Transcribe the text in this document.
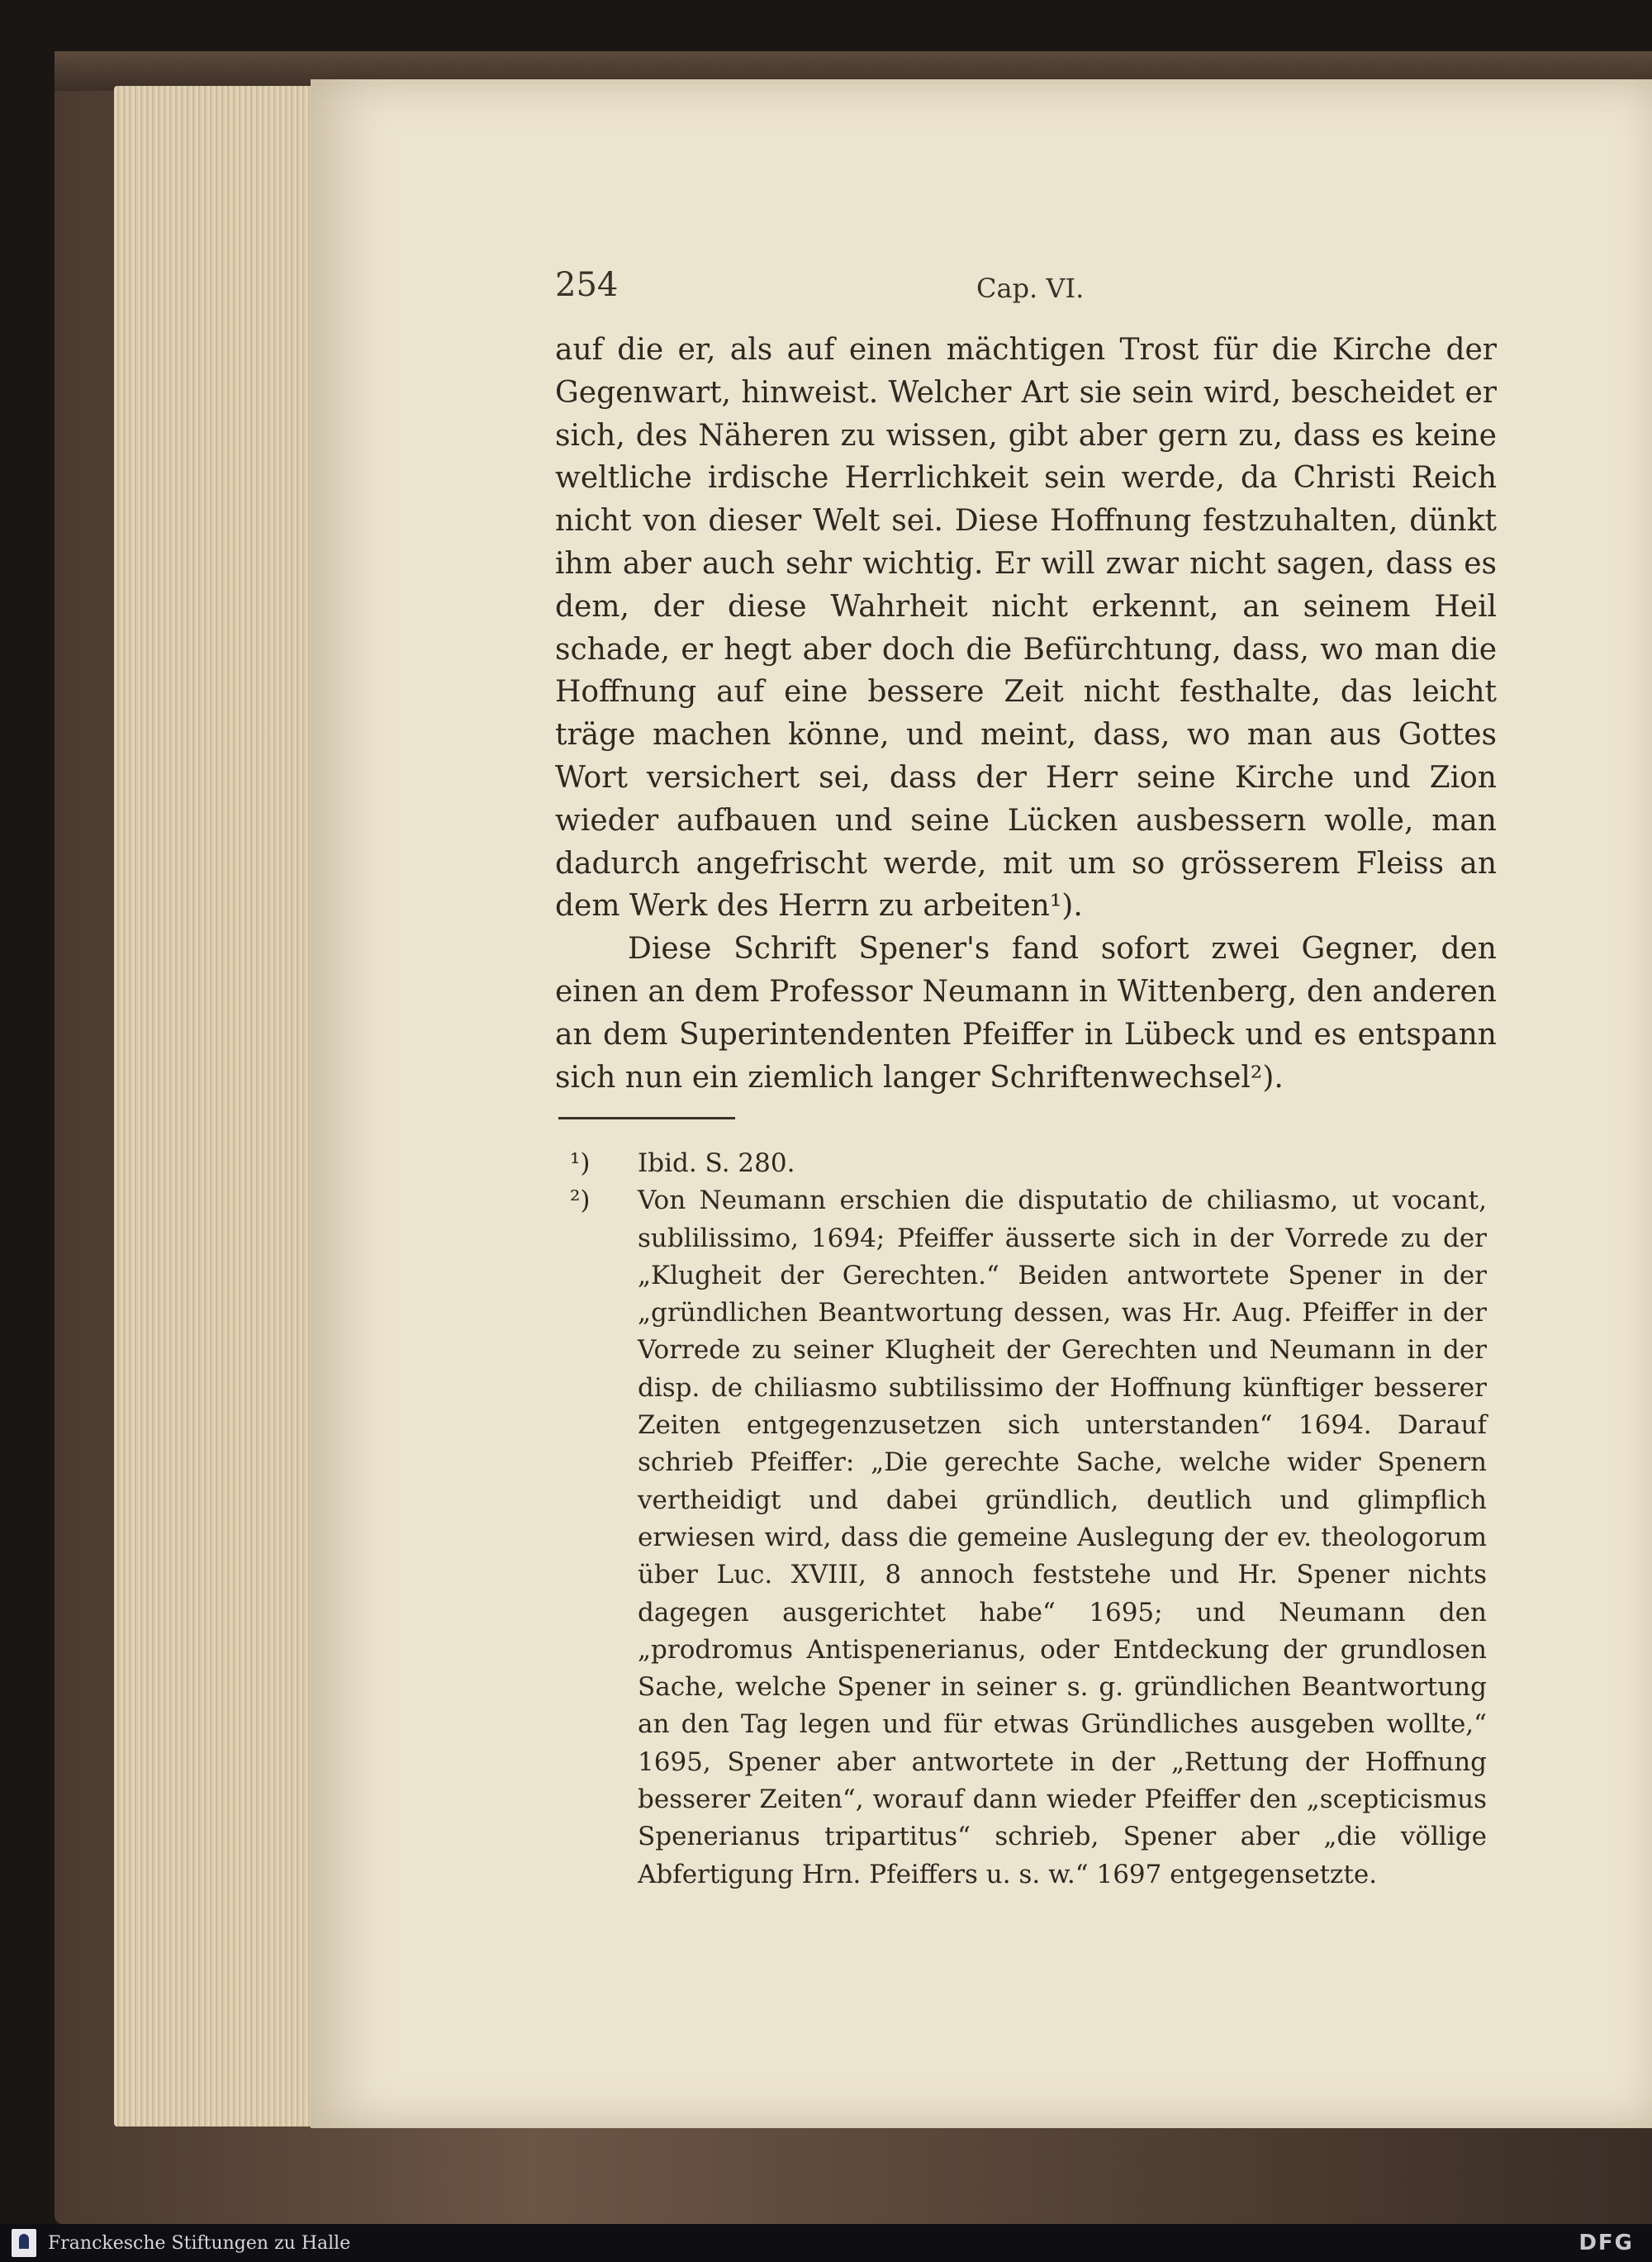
254	Cap. VI.

auf die er, als auf einen mächtigen Trost für die Kirche der Gegenwart, hinweist. Welcher Art sie sein wird, bescheidet er sich, des Näheren zu wissen, gibt aber gern zu, dass es keine weltliche irdische Herrlichkeit sein werde, da Christi Reich nicht von dieser Welt sei. Diese Hoffnung festzuhalten, dünkt ihm aber auch sehr wichtig. Er will zwar nicht sagen, dass es dem, der diese Wahrheit nicht erkennt, an seinem Heil schade, er hegt aber doch die Befürchtung, dass, wo man die Hoffnung auf eine bessere Zeit nicht festhalte, das leicht träge machen könne, und meint, dass, wo man aus Gottes Wort versichert sei, dass der Herr seine Kirche und Zion wieder aufbauen und seine Lücken ausbessern wolle, man dadurch angefrischt werde, mit um so grösserem Fleiss an dem Werk des Herrn zu arbeiten¹).

Diese Schrift Spener's fand sofort zwei Gegner, den einen an dem Professor Neumann in Wittenberg, den anderen an dem Superintendenten Pfeiffer in Lübeck und es entspann sich nun ein ziemlich langer Schriftenwechsel²).

¹)	Ibid. S. 280.
²)	Von Neumann erschien die disputatio de chiliasmo, ut vocant, sublilissimo, 1694; Pfeiffer äusserte sich in der Vorrede zu der „Klugheit der Gerechten.“ Beiden antwortete Spener in der „gründlichen Beantwortung dessen, was Hr. Aug. Pfeiffer in der Vorrede zu seiner Klugheit der Gerechten und Neumann in der disp. de chiliasmo subtilissimo der Hoffnung künftiger besserer Zeiten entgegenzusetzen sich unterstanden“ 1694. Darauf schrieb Pfeiffer: „Die gerechte Sache, welche wider Spenern vertheidigt und dabei gründlich, deutlich und glimpflich erwiesen wird, dass die gemeine Auslegung der ev. theologorum über Luc. XVIII, 8 annoch feststehe und Hr. Spener nichts dagegen ausgerichtet habe“ 1695; und Neumann den „prodromus Antispenerianus, oder Entdeckung der grundlosen Sache, welche Spener in seiner s. g. gründlichen Beantwortung an den Tag legen und für etwas Gründliches ausgeben wollte,“ 1695, Spener aber antwortete in der „Rettung der Hoffnung besserer Zeiten“, worauf dann wieder Pfeiffer den „scepticismus Spenerianus tripartitus“ schrieb, Spener aber „die völlige Abfertigung Hrn. Pfeiffers u. s. w.“ 1697 entgegensetzte.
Franckesche Stiftungen zu Halle	DFG
